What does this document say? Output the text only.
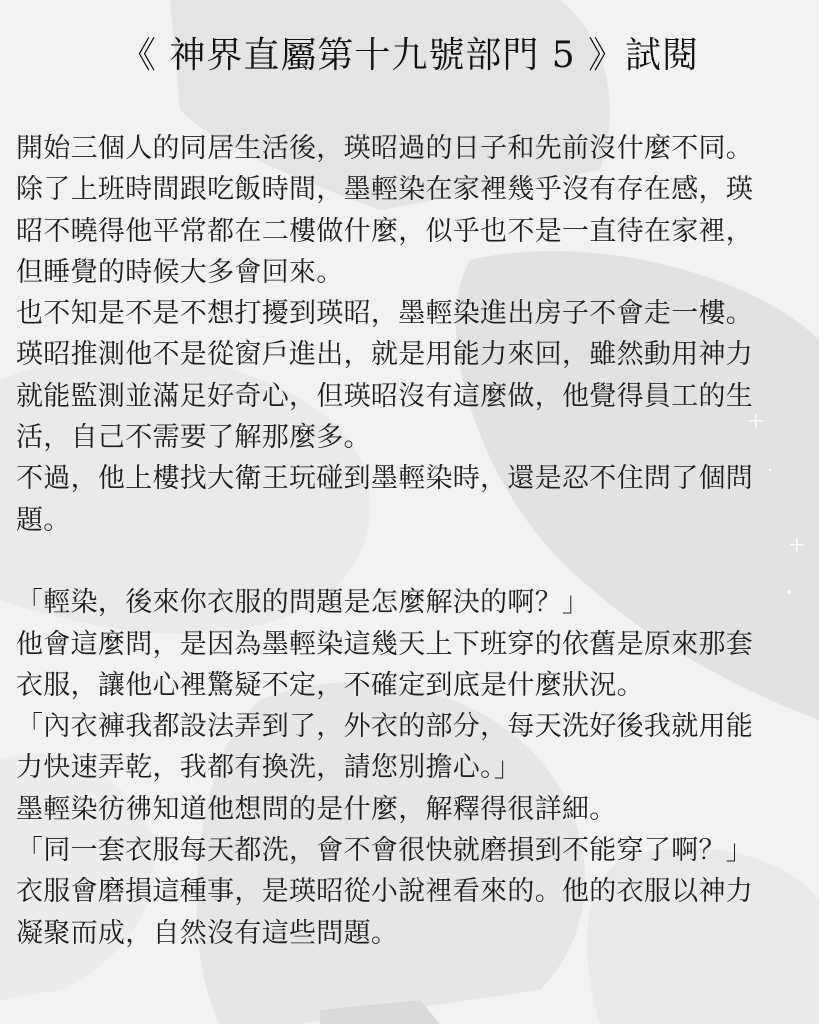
《 神界直屬第十九號部門 5 》試閱
開始三個人的同居生活後，瑛昭過的日子和先前沒什麼不同。
除了上班時間跟吃飯時間，墨輕染在家裡幾乎沒有存在感，瑛
昭不曉得他平常都在二樓做什麼，似乎也不是一直待在家裡，
但睡覺的時候大多會回來。
也不知是不是不想打擾到瑛昭，墨輕染進出房子不會走一樓。
瑛昭推測他不是從窗戶進出，就是用能力來回，雖然動用神力
就能監測並滿足好奇心，但瑛昭沒有這麼做，他覺得員工的生
活，自己不需要了解那麼多。
不過，他上樓找大衛王玩碰到墨輕染時，還是忍不住問了個問
題。
「輕染，後來你衣服的問題是怎麼解決的啊？」
他會這麼問，是因為墨輕染這幾天上下班穿的依舊是原來那套
衣服，讓他心裡驚疑不定，不確定到底是什麼狀況。
「內衣褲我都設法弄到了，外衣的部分，每天洗好後我就用能
力快速弄乾，我都有換洗，請您別擔心。」
墨輕染彷彿知道他想問的是什麼，解釋得很詳細。
「同一套衣服每天都洗，會不會很快就磨損到不能穿了啊？」
衣服會磨損這種事，是瑛昭從小說裡看來的。他的衣服以神力
凝聚而成，自然沒有這些問題。
